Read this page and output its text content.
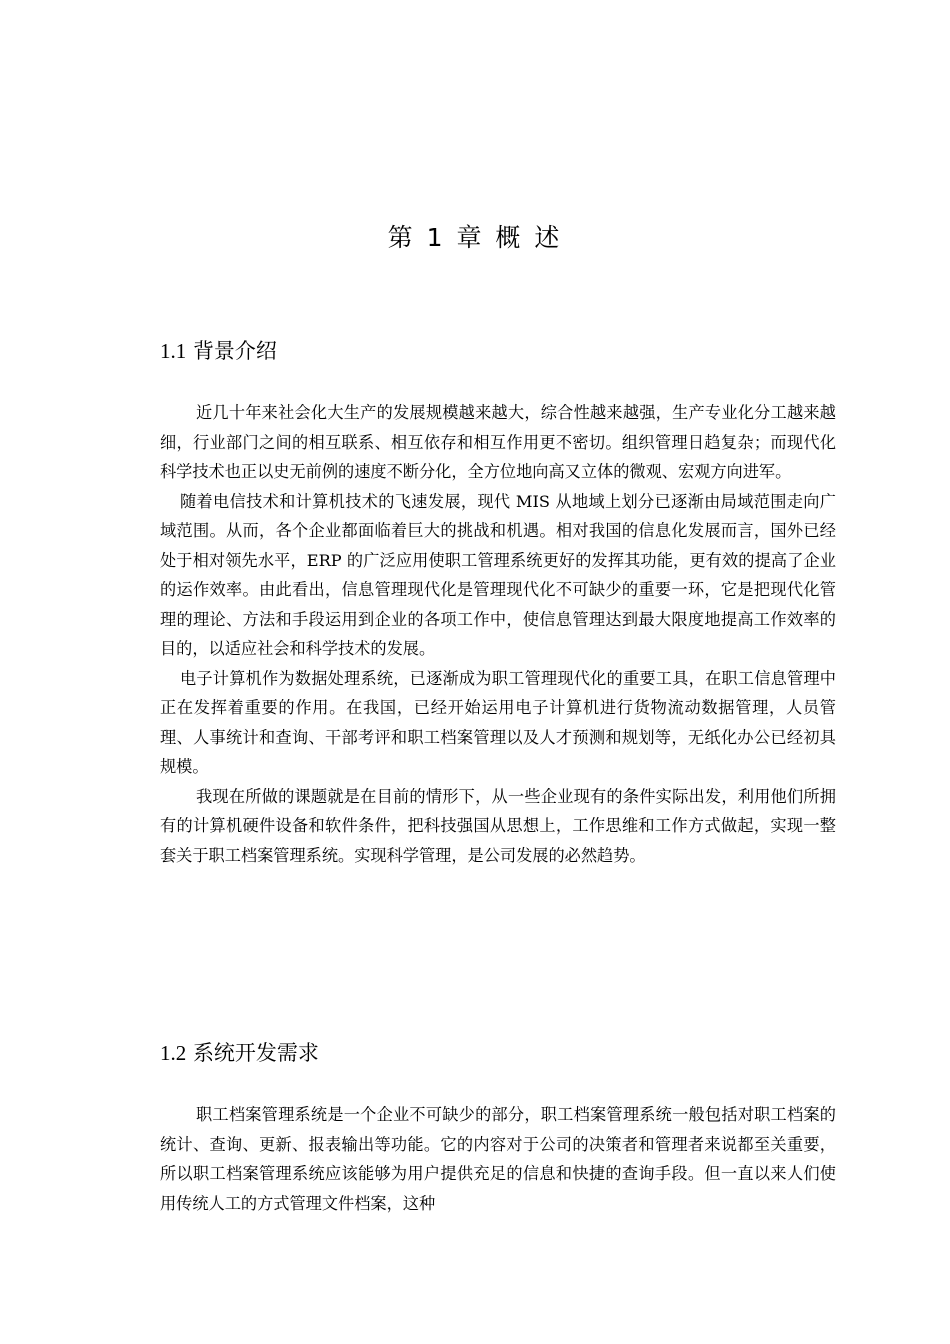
第 1 章 概 述
1.1 背景介绍

近几十年来社会化大生产的发展规模越来越大，综合性越来越强，生产专业化分工越来越细，行业部门之间的相互联系、相互依存和相互作用更不密切。组织管理日趋复杂；而现代化科学技术也正以史无前例的速度不断分化，全方位地向高又立体的微观、宏观方向进军。

随着电信技术和计算机技术的飞速发展，现代 MIS 从地域上划分已逐渐由局域范围走向广域范围。从而，各个企业都面临着巨大的挑战和机遇。相对我国的信息化发展而言，国外已经处于相对领先水平，ERP 的广泛应用使职工管理系统更好的发挥其功能，更有效的提高了企业的运作效率。由此看出，信息管理现代化是管理现代化不可缺少的重要一环，它是把现代化管理的理论、方法和手段运用到企业的各项工作中，使信息管理达到最大限度地提高工作效率的目的，以适应社会和科学技术的发展。

电子计算机作为数据处理系统，已逐渐成为职工管理现代化的重要工具，在职工信息管理中正在发挥着重要的作用。在我国，已经开始运用电子计算机进行货物流动数据管理，人员管理、人事统计和查询、干部考评和职工档案管理以及人才预测和规划等，无纸化办公已经初具规模。

我现在所做的课题就是在目前的情形下，从一些企业现有的条件实际出发，利用他们所拥有的计算机硬件设备和软件条件，把科技强国从思想上，工作思维和工作方式做起，实现一整套关于职工档案管理系统。实现科学管理，是公司发展的必然趋势。

1.2 系统开发需求

职工档案管理系统是一个企业不可缺少的部分，职工档案管理系统一般包括对职工档案的统计、查询、更新、报表输出等功能。它的内容对于公司的决策者和管理者来说都至关重要，所以职工档案管理系统应该能够为用户提供充足的信息和快捷的查询手段。但一直以来人们使用传统人工的方式管理文件档案，这种
